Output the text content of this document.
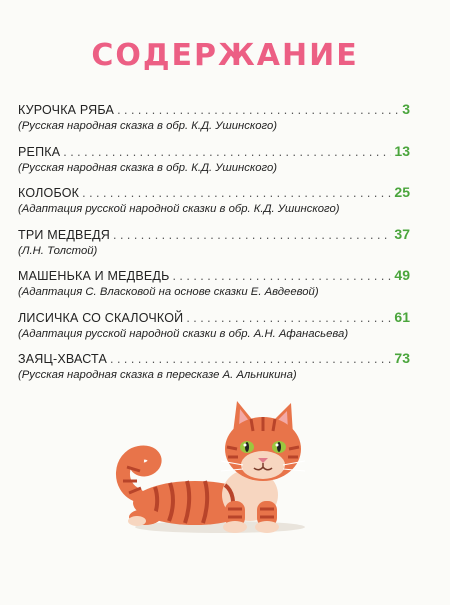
СОДЕРЖАНИЕ
КУРОЧКА РЯБА . . .	3
(Русская народная сказка в обр. К.Д. Ушинского)
РЕПКА . . .	13
(Русская народная сказка в обр. К.Д. Ушинского)
КОЛОБОК . . .	25
(Адаптация русской народной сказки в обр. К.Д. Ушинского)
ТРИ МЕДВЕДЯ . . .	37
(Л.Н. Толстой)
МАШЕНЬКА И МЕДВЕДЬ . . .	49
(Адаптация С. Власковой на основе сказки Е. Авдеевой)
ЛИСИЧКА СО СКАЛОЧКОЙ . . .	61
(Адаптация русской народной сказки в обр. А.Н. Афанасьева)
ЗАЯЦ-ХВАСТА . . .	73
(Русская народная сказка в пересказе А. Альникина)
